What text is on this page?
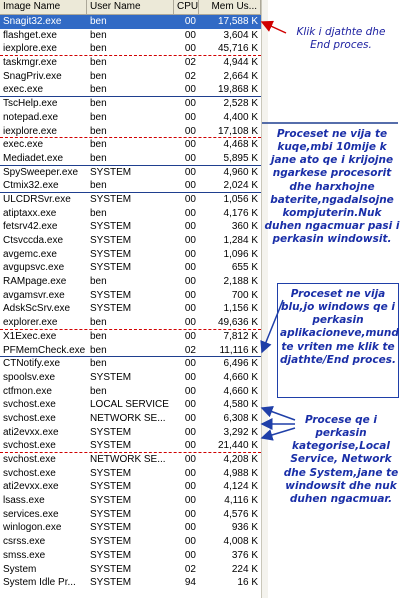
Image Name	User Name	CPU	Mem Us...
Snagit32.exe	ben	00	17,588 K
flashget.exe	ben	00	3,604 K
iexplore.exe	ben	00	45,716 K
taskmgr.exe	ben	02	4,944 K
SnagPriv.exe	ben	02	2,664 K
exec.exe	ben	00	19,868 K
TscHelp.exe	ben	00	2,528 K
notepad.exe	ben	00	4,400 K
iexplore.exe	ben	00	17,108 K
exec.exe	ben	00	4,468 K
Mediadet.exe	ben	00	5,895 K
SpySweeper.exe	SYSTEM	00	4,960 K
Ctmix32.exe	ben	00	2,024 K
ULCDRSvr.exe	SYSTEM	00	1,056 K
atiptaxx.exe	ben	00	4,176 K
fetsrv42.exe	SYSTEM	00	360 K
Ctsvccda.exe	SYSTEM	00	1,284 K
avgemc.exe	SYSTEM	00	1,096 K
avgupsvc.exe	SYSTEM	00	655 K
RAMpage.exe	ben	00	2,188 K
avgamsvr.exe	SYSTEM	00	700 K
AdskScSrv.exe	SYSTEM	00	1,156 K
explorer.exe	ben	00	49,636 K
X1Exec.exe	ben	00	7,812 K
PFMemCheck.exe ben	02	11,116 K
CTNotify.exe	ben	00	6,496 K
spoolsv.exe	SYSTEM	00	4,660 K
ctfmon.exe	ben	00	4,660 K
svchost.exe	LOCAL SERVICE	00	4,580 K
svchost.exe	NETWORK SE...	00	6,308 K
ati2evxx.exe	SYSTEM	00	3,292 K
svchost.exe	SYSTEM	00	21,440 K
svchost.exe	NETWORK SE...	00	4,208 K
svchost.exe	SYSTEM	00	4,988 K
ati2evxx.exe	SYSTEM	00	4,124 K
lsass.exe	SYSTEM	00	4,116 K
services.exe	SYSTEM	00	4,576 K
winlogon.exe	SYSTEM	00	936 K
csrss.exe	SYSTEM	00	4,008 K
smss.exe	SYSTEM	00	376 K
System	SYSTEM	02	224 K
System Idle Pr...	SYSTEM	94	16 K
Klik i djathte dhe End proces.
Proceset ne vija te kuqe,mbi 10mije k jane ato qe i krijojne ngarkese procesorit dhe harxhojne baterite,ngadalsojne kompjuterin.Nuk duhen ngacmuar pasi i perkasin windowsit.
Proceset ne vija blu,jo windows qe i perkasin aplikacioneve,mund te vriten me klik te djathte/End proces.
Procese qe i perkasin kategorise,Local Service, Network dhe System,jane te windowsit dhe nuk duhen ngacmuar.
